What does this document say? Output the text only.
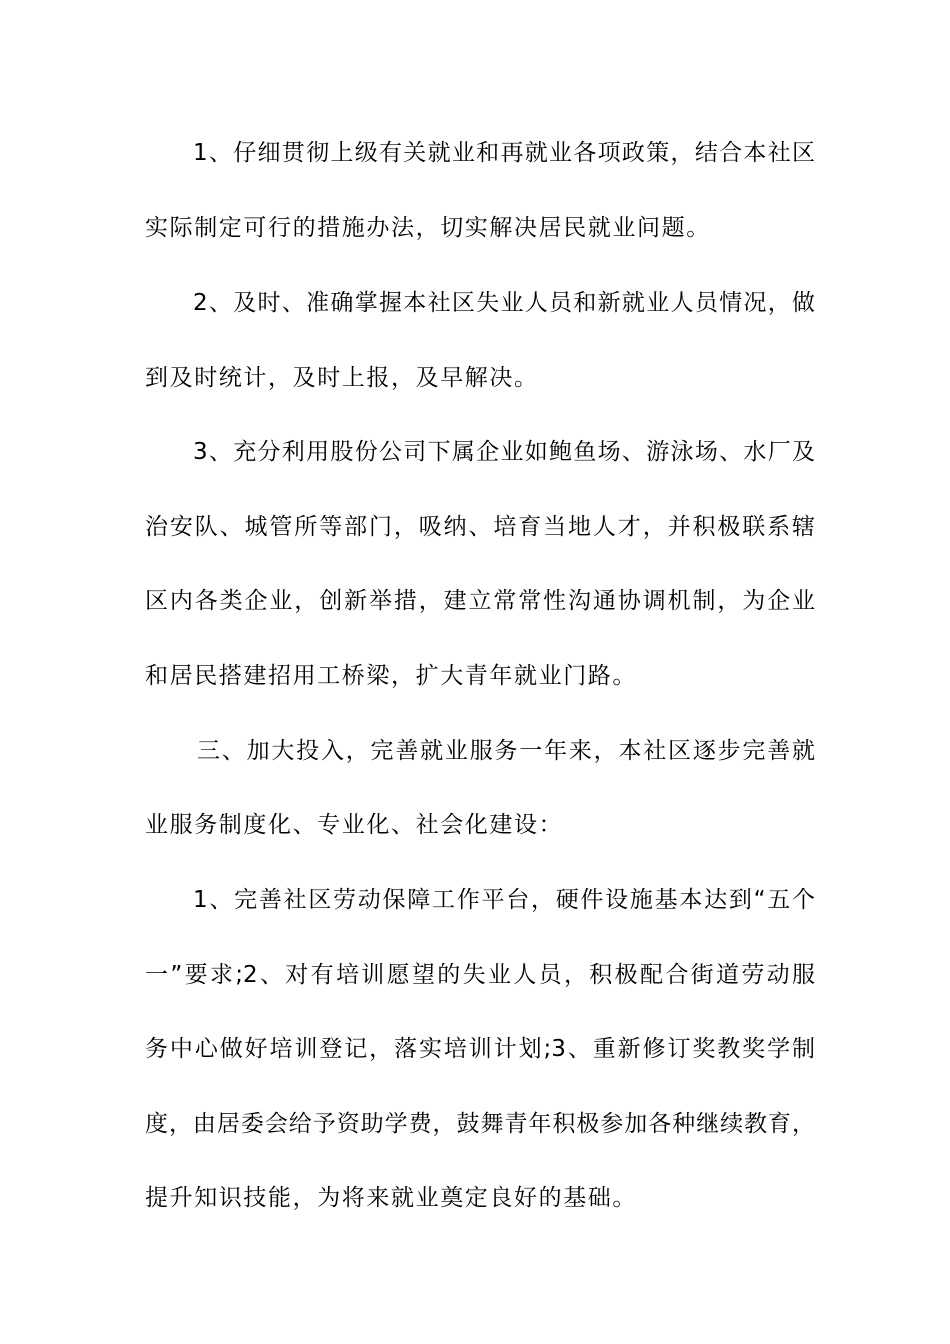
1、仔细贯彻上级有关就业和再就业各项政策，结合本社区

实际制定可行的措施办法，切实解决居民就业问题。

2、及时、准确掌握本社区失业人员和新就业人员情况，做

到及时统计，及时上报，及早解决。

3、充分利用股份公司下属企业如鲍鱼场、游泳场、水厂及

治安队、城管所等部门，吸纳、培育当地人才，并积极联系辖

区内各类企业，创新举措，建立常常性沟通协调机制，为企业

和居民搭建招用工桥梁，扩大青年就业门路。

三、加大投入，完善就业服务一年来，本社区逐步完善就

业服务制度化、专业化、社会化建设：

1、完善社区劳动保障工作平台，硬件设施基本达到“五个

一”要求;2、对有培训愿望的失业人员，积极配合街道劳动服

务中心做好培训登记，落实培训计划;3、重新修订奖教奖学制

度，由居委会给予资助学费，鼓舞青年积极参加各种继续教育，

提升知识技能，为将来就业奠定良好的基础。
